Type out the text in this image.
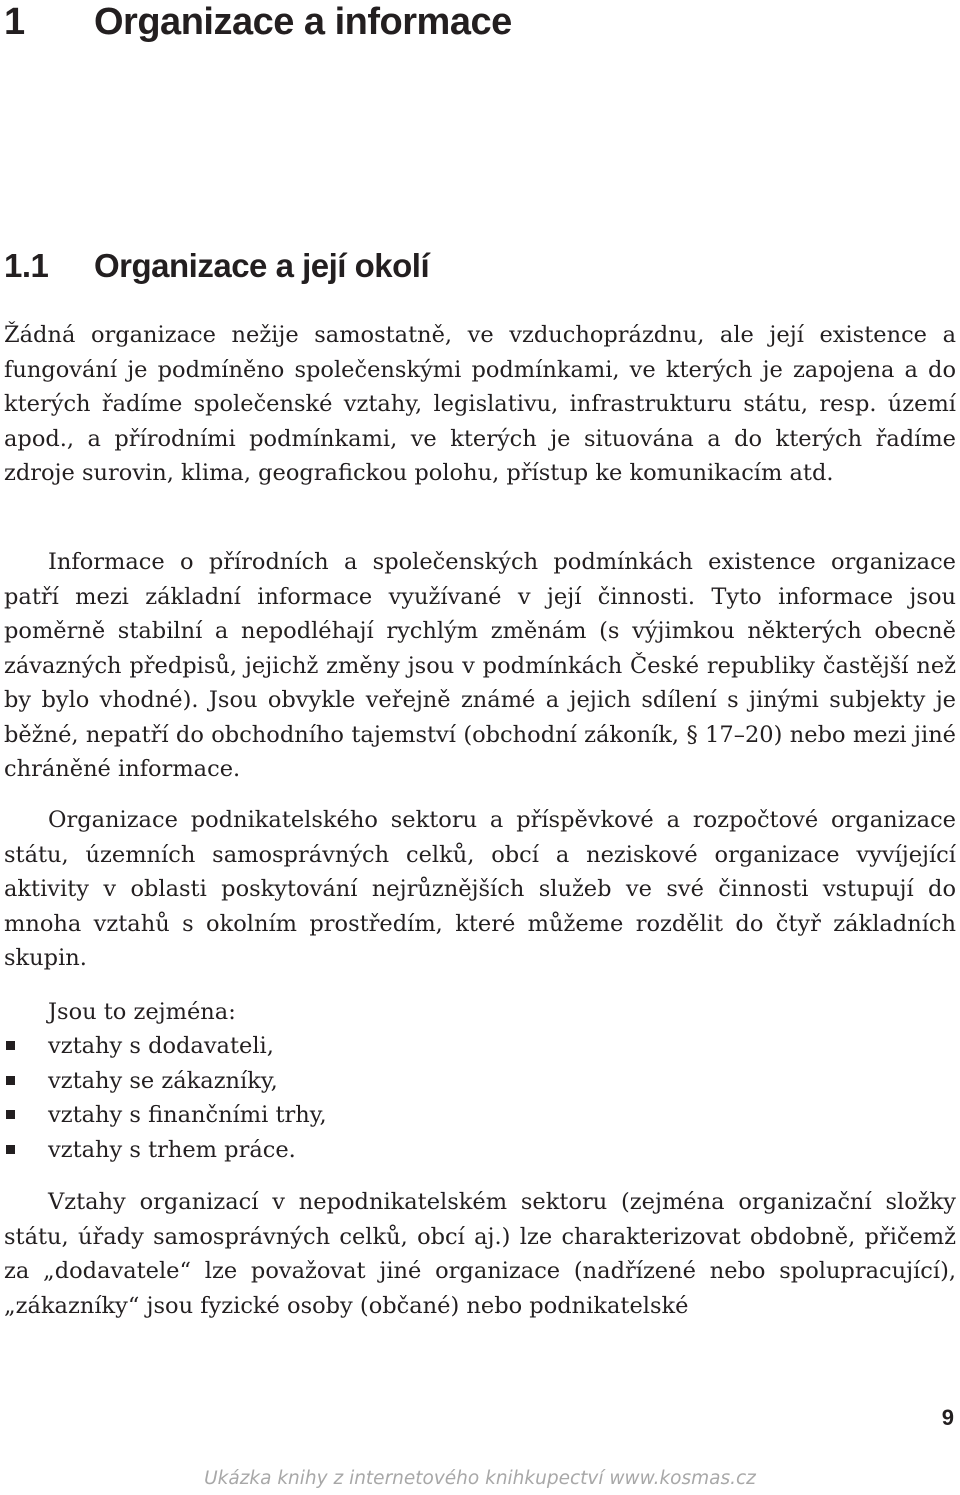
1 Organizace a informace
1.1 Organizace a její okolí

Žádná organizace nežije samostatně, ve vzduchoprázdnu, ale její existence a fungování je podmíněno společenskými podmínkami, ve kterých je zapojena a do kterých řadíme společenské vztahy, legislativu, infrastrukturu státu, resp. území apod., a přírodními podmínkami, ve kterých je situována a do kterých řadíme zdroje surovin, klima, geografickou polohu, přístup ke komunikacím atd.

Informace o přírodních a společenských podmínkách existence organizace patří mezi základní informace využívané v její činnosti. Tyto informace jsou poměrně stabilní a nepodléhají rychlým změnám (s výjimkou některých obecně závazných předpisů, jejichž změny jsou v podmínkách České republiky častější než by bylo vhodné). Jsou obvykle veřejně známé a jejich sdílení s jinými subjekty je běžné, nepatří do obchodního tajemství (obchodní zákoník, § 17–20) nebo mezi jiné chráněné informace.

Organizace podnikatelského sektoru a příspěvkové a rozpočtové organizace státu, územních samosprávných celků, obcí a neziskové organizace vyvíjející aktivity v oblasti poskytování nejrůznějších služeb ve své činnosti vstupují do mnoha vztahů s okolním prostředím, které můžeme rozdělit do čtyř základních skupin.

Jsou to zejména:

vztahy s dodavateli,
vztahy se zákazníky,
vztahy s finančními trhy,
vztahy s trhem práce.

Vztahy organizací v nepodnikatelském sektoru (zejména organizační složky státu, úřady samosprávných celků, obcí aj.) lze charakterizovat obdobně, přičemž za „dodavatele“ lze považovat jiné organizace (nadřízené nebo spolupracující), „zákazníky“ jsou fyzické osoby (občané) nebo podnikatelské

9
Ukázka knihy z internetového knihkupectví www.kosmas.cz
